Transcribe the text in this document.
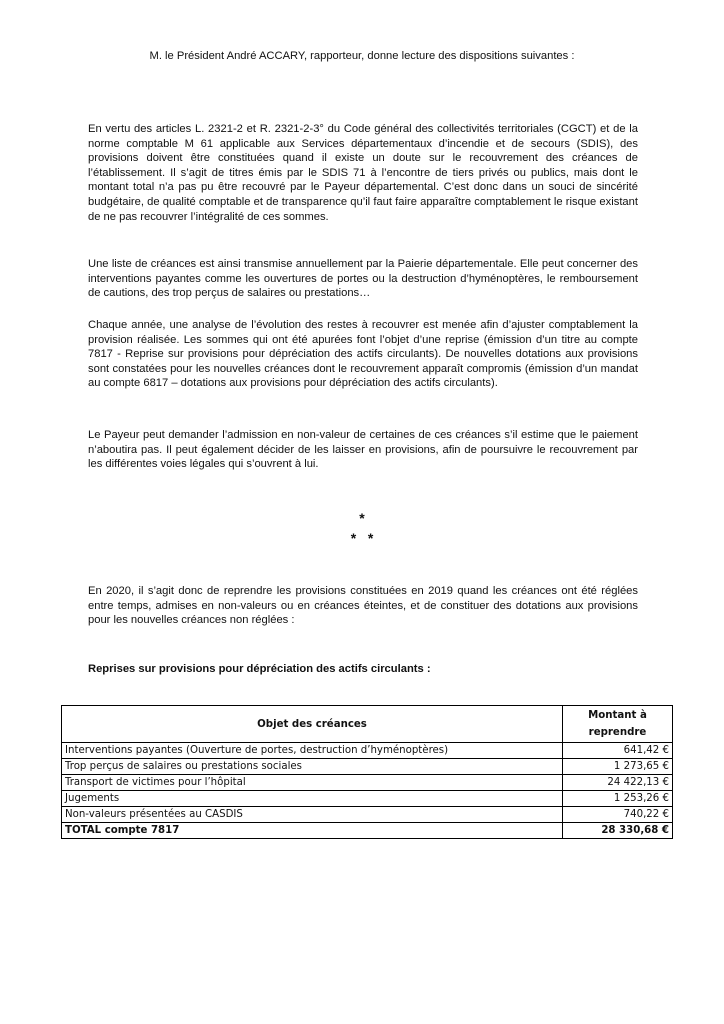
M. le Président André ACCARY, rapporteur, donne lecture des dispositions suivantes :
En vertu des articles L. 2321-2 et R. 2321-2-3° du Code général des collectivités territoriales (CGCT) et de la norme comptable M 61 applicable aux Services départementaux d’incendie et de secours (SDIS), des provisions doivent être constituées quand il existe un doute sur le recouvrement des créances de l’établissement. Il s’agit de titres émis par le SDIS 71 à l’encontre de tiers privés ou publics, mais dont le montant total n’a pas pu être recouvré par le Payeur départemental. C’est donc dans un souci de sincérité budgétaire, de qualité comptable et de transparence qu’il faut faire apparaître comptablement le risque existant de ne pas recouvrer l’intégralité de ces sommes.
Une liste de créances est ainsi transmise annuellement par la Paierie départementale. Elle peut concerner des interventions payantes comme les ouvertures de portes ou la destruction d’hyménoptères, le remboursement de cautions, des trop perçus de salaires ou prestations…
Chaque année, une analyse de l’évolution des restes à recouvrer est menée afin d’ajuster comptablement la provision réalisée. Les sommes qui ont été apurées font l’objet d’une reprise (émission d’un titre au compte 7817 - Reprise sur provisions pour dépréciation des actifs circulants). De nouvelles dotations aux provisions sont constatées pour les nouvelles créances dont le recouvrement apparaît compromis (émission d’un mandat au compte 6817 – dotations aux provisions pour dépréciation des actifs circulants).
Le Payeur peut demander l’admission en non-valeur de certaines de ces créances s’il estime que le paiement n’aboutira pas. Il peut également décider de les laisser en provisions, afin de poursuivre le recouvrement par les différentes voies légales qui s’ouvrent à lui.
*
*   *
En 2020, il s’agit donc de reprendre les provisions constituées en 2019 quand les créances ont été réglées entre temps, admises en non-valeurs ou en créances éteintes, et de constituer des dotations aux provisions pour les nouvelles créances non réglées :
Reprises sur provisions pour dépréciation des actifs circulants :
Objet des créances	Montant à reprendre
Interventions payantes (Ouverture de portes, destruction d’hyménoptères)	641,42 €
Trop perçus de salaires ou prestations sociales	1 273,65 €
Transport de victimes pour l’hôpital	24 422,13 €
Jugements	1 253,26 €
Non-valeurs présentées au CASDIS	740,22 €
TOTAL compte 7817	28 330,68 €
